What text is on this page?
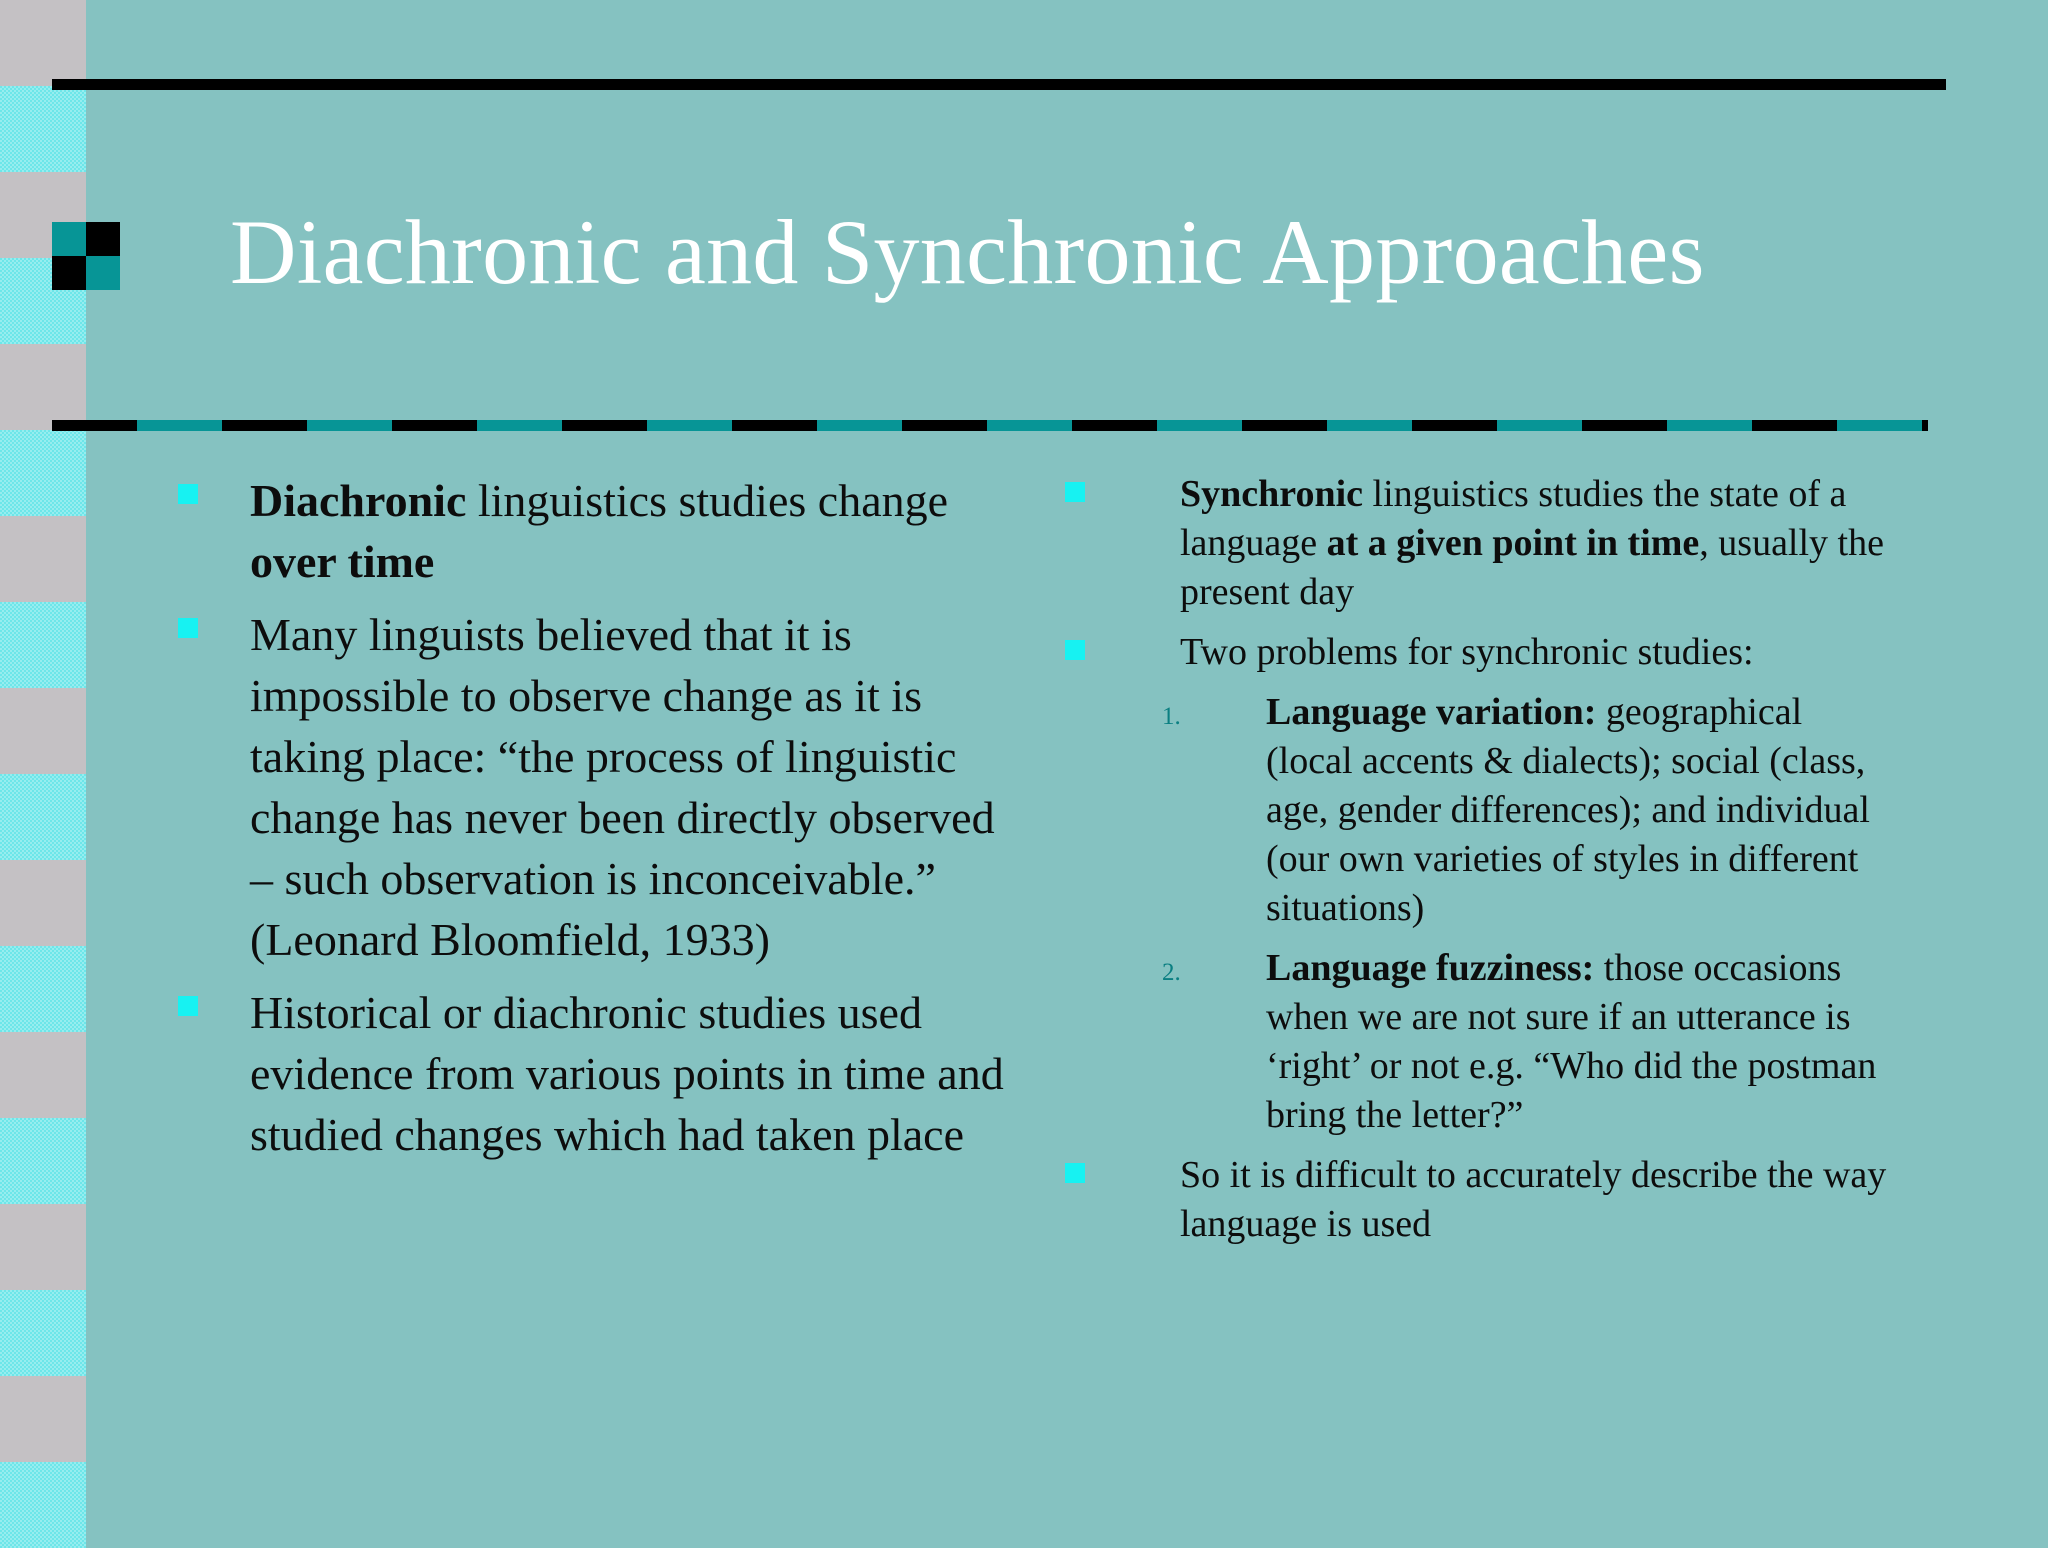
Diachronic and Synchronic Approaches
Diachronic linguistics studies change over time
Many linguists believed that it is impossible to observe change as it is taking place: “the process of linguistic change has never been directly observed – such observation is inconceivable.” (Leonard Bloomfield, 1933)
Historical or diachronic studies used evidence from various points in time and studied changes which had taken place
Synchronic linguistics studies the state of a language at a given point in time, usually the present day
Two problems for synchronic studies:
1. Language variation: geographical (local accents & dialects); social (class, age, gender differences); and individual (our own varieties of styles in different situations)
2. Language fuzziness: those occasions when we are not sure if an utterance is ‘right’ or not e.g. “Who did the postman bring the letter?”
So it is difficult to accurately describe the way language is used
